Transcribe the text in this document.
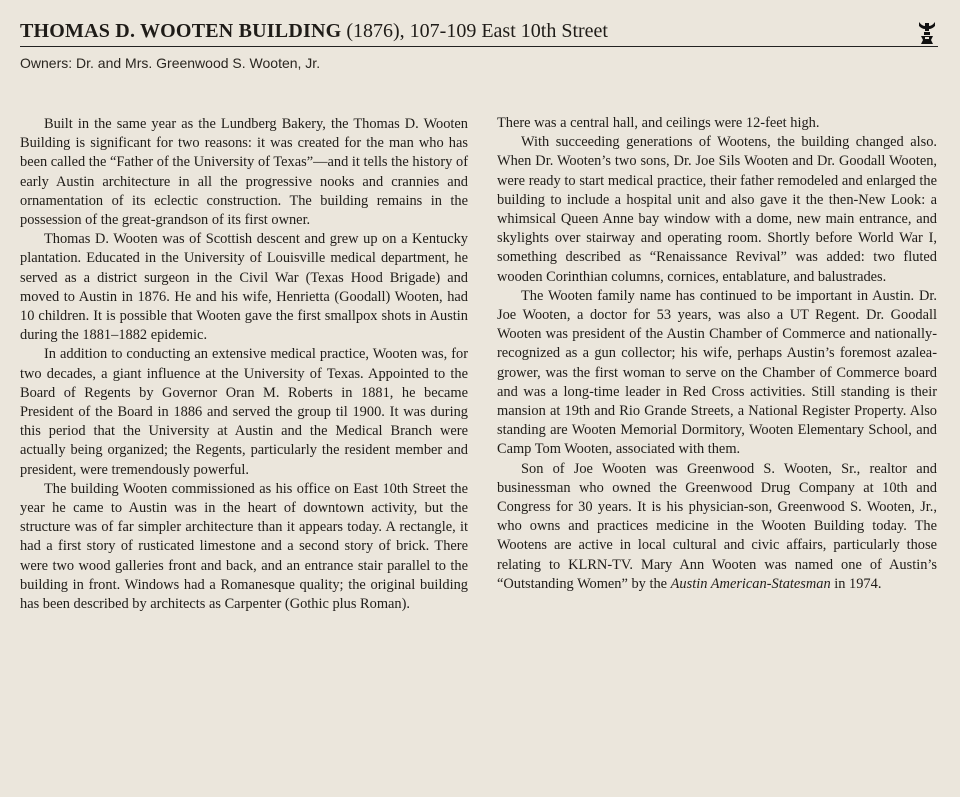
THOMAS D. WOOTEN BUILDING (1876), 107-109 East 10th Street
Owners: Dr. and Mrs. Greenwood S. Wooten, Jr.

Built in the same year as the Lundberg Bakery, the Thomas D. Wooten Building is significant for two reasons: it was created for the man who has been called the “Father of the University of Texas”—and it tells the history of early Austin architecture in all the progressive nooks and crannies and ornamentation of its eclectic construction. The building remains in the possession of the great-grandson of its first owner.

Thomas D. Wooten was of Scottish descent and grew up on a Kentucky plantation. Educated in the University of Louisville medical department, he served as a district surgeon in the Civil War (Texas Hood Brigade) and moved to Austin in 1876. He and his wife, Henrietta (Goodall) Wooten, had 10 children. It is possible that Wooten gave the first smallpox shots in Austin during the 1881–1882 epidemic.

In addition to conducting an extensive medical practice, Wooten was, for two decades, a giant influence at the University of Texas. Appointed to the Board of Regents by Governor Oran M. Roberts in 1881, he became President of the Board in 1886 and served the group til 1900. It was during this period that the University at Austin and the Medical Branch were actually being organized; the Regents, particularly the resident member and president, were tremendously powerful.

The building Wooten commissioned as his office on East 10th Street the year he came to Austin was in the heart of downtown activity, but the structure was of far simpler architecture than it appears today. A rectangle, it had a first story of rusticated limestone and a second story of brick. There were two wood galleries front and back, and an entrance stair parallel to the building in front. Windows had a Romanesque quality; the original building has been described by architects as Carpenter (Gothic plus Roman).

There was a central hall, and ceilings were 12-feet high.

With succeeding generations of Wootens, the building changed also. When Dr. Wooten’s two sons, Dr. Joe Sils Wooten and Dr. Goodall Wooten, were ready to start medical practice, their father remodeled and enlarged the building to include a hospital unit and also gave it the then-New Look: a whimsical Queen Anne bay window with a dome, new main entrance, and skylights over stairway and operating room. Shortly before World War I, something described as “Renaissance Revival” was added: two fluted wooden Corinthian columns, cornices, entablature, and balustrades.

The Wooten family name has continued to be important in Austin. Dr. Joe Wooten, a doctor for 53 years, was also a UT Regent. Dr. Goodall Wooten was president of the Austin Chamber of Commerce and nationally-recognized as a gun collector; his wife, perhaps Austin’s foremost azalea-grower, was the first woman to serve on the Chamber of Commerce board and was a long-time leader in Red Cross activities. Still standing is their mansion at 19th and Rio Grande Streets, a National Register Property. Also standing are Wooten Memorial Dormitory, Wooten Elementary School, and Camp Tom Wooten, associated with them.

Son of Joe Wooten was Greenwood S. Wooten, Sr., realtor and businessman who owned the Greenwood Drug Company at 10th and Congress for 30 years. It is his physician-son, Greenwood S. Wooten, Jr., who owns and practices medicine in the Wooten Building today. The Wootens are active in local cultural and civic affairs, particularly those relating to KLRN-TV. Mary Ann Wooten was named one of Austin’s “Outstanding Women” by the Austin American-Statesman in 1974.
